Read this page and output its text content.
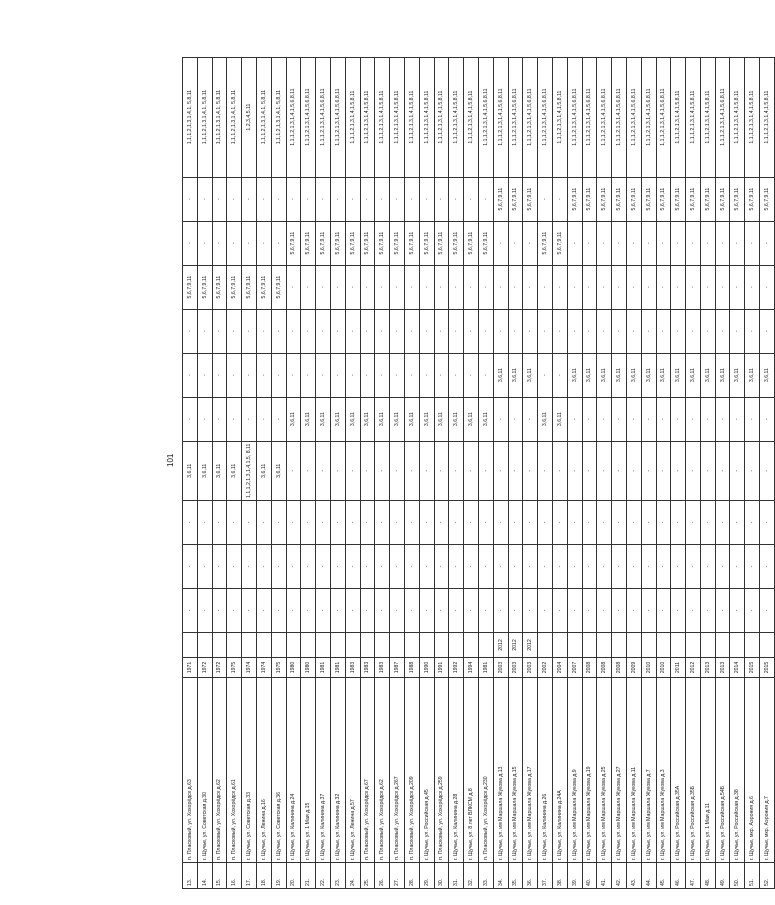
101
13.	п. Пласковый, ул. Хохорёдск д.63	1971		-	-	-	3,6,11	-	-	-	5,6,7,9,11	-	-	1,1,1,2,1,3,1,4,1, 5,8,11
14.	г. Щучье, ул. Советская д.30	1972		-	-	-	3,6,11	-	-	-	5,6,7,9,11	-	-	1,1,1,2,1,3,1,4,1, 5,8,11
15.	п. Пласковый, ул. Хохорёдск д.62	1972		-	-	-	3,6,11	-	-	-	5,6,7,9,11	-	-	1,1,1,2,1,3,1,4,1, 5,8,11
16.	п. Пласковый, ул. Хохорёдск д.61	1975		-	-	-	3,6,11	-	-	-	5,6,7,9,11	-	-	1,1,1,2,1,3,1,4,1, 5,8,11
17.	г. Щучье, ул. Советская д.33	1974		-	-	-	1,1,1,2,1,3,1,4,1,5, 8,11	-	-	-	5,6,7,9,11	-	-	1,2,3,4,5,11
18.	г. Щучье, ул. Ленина д.16	1974		-	-	-	3,6,11	-	-	-	5,6,7,9,11	-	-	1,1,1,2,1,3,1,4,1, 5,8,11
19.	г. Щучье, ул. Советская д.36	1975		-	-	-	3,6,11	-	-	-	5,6,7,9,11	-	-	1,1,1,2,1,3,1,4,1, 5,8,11
20.	г. Щучье, ул. Калинина д.24	1980		-	-	-	-	3,6,11	-	-	-	5,6,7,9,11	-	1,1,1,2,1,3,1,4,1,5,6,8,11
21.	г. Щучье, ул. 1 Мая д.15	1980		-	-	-	-	3,6,11	-	-	-	5,6,7,9,11	-	1,1,1,2,1,3,1,4,1,5,6,8,11
22.	г. Щучье, ул. Калинина д.37	1981		-	-	-	-	3,6,11	-	-	-	5,6,7,9,11	-	1,1,1,2,1,3,1,4,1,5,6,8,11
23.	г. Щучье, ул. Калинина д.32	1981		-	-	-	-	3,6,11	-	-	-	5,6,7,9,11	-	1,1,1,2,1,3,1,4,1,5,6,8,11
24.	г. Щучье, ул. Ленина д.57	1983		-	-	-	-	3,6,11	-	-	-	5,6,7,9,11	-	1,1,1,2,1,3,1,4,1,5,8,11
25.	п. Пласковый, ул. Хохорёдск д.67	1983		-	-	-	-	3,6,11	-	-	-	5,6,7,9,11	-	1,1,1,2,1,3,1,4,1,5,8,11
26.	п. Пласковый, ул. Хохорёдск д.62	1983		-	-	-	-	3,6,11	-	-	-	5,6,7,9,11	-	1,1,1,2,1,3,1,4,1,5,8,11
27.	п. Пласковый, ул. Хохорёдск д.267	1987		-	-	-	-	3,6,11	-	-	-	5,6,7,9,11	-	1,1,1,2,1,3,1,4,1,5,8,11
28.	п. Пласковый, ул. Хохорёдск д.209	1988		-	-	-	-	3,6,11	-	-	-	5,6,7,9,11	-	1,1,1,2,1,3,1,4,1,5,8,11
29.	г. Щучье, ул. Российская д.45	1990		-	-	-	-	3,6,11	-	-	-	5,6,7,9,11	-	1,1,1,2,1,3,1,4,1,5,8,11
30.	п. Пласковый, ул. Хохорёдск д.259	1991		-	-	-	-	3,6,11	-	-	-	5,6,7,9,11	-	1,1,1,2,1,3,1,4,1,5,8,11
31.	г. Щучье, ул. Калинина д.28	1992		-	-	-	-	3,6,11	-	-	-	5,6,7,9,11	-	1,1,1,2,1,3,1,4,1,5,8,11
32.	г. Щучье, ул. 8 лет ВЛКСМ д.8	1994		-	-	-	-	3,6,11	-	-	-	5,6,7,9,11	-	1,1,1,2,1,3,1,4,1,5,8,11
33.	п. Пласковый, ул. Хохорёдск д.230	1981		-	-	-	-	3,6,11	-	-	-	5,6,7,9,11	-	1,1,1,2,1,3,1,4,1,5,6,8,11
34.	г. Щучье, ул. им Маршала Жукова д.13	2003	2012	-	-	-	-	-	3,6,11	-	-	-	5,6,7,9,11	1,1,1,2,1,3,1,4,1,5,6,8,11
35.	г. Щучье, ул. им Маршала Жукова д.15	2003	2012	-	-	-	-	-	3,6,11	-	-	-	5,6,7,9,11	1,1,1,2,1,3,1,4,1,5,6,8,11
36.	г. Щучье, ул. им Маршала Жукова д.17	2003	2012	-	-	-	-	-	3,6,11	-	-	-	5,6,7,9,11	1,1,1,2,1,3,1,4,1,5,6,8,11
37.	г. Щучье, ул. Калинина д.26	2002		-	-	-	-	3,6,11	-	-	-	5,6,7,9,11	-	1,1,1,2,1,3,1,4,1,5,6,8,11
38.	г. Щучье, ул. Калинина д.24А	2004		-	-	-	-	3,6,11	-	-	-	5,6,7,9,11	-	1,1,1,2,1,3,1,4,1,5,8,11
39.	г. Щучье, ул. им Маршала Жукова д.9	2007		-	-	-	-	-	3,6,11	-	-	-	5,6,7,9,11	1,1,1,2,1,3,1,4,1,5,6,8,11
40.	г. Щучье, ул. им Маршала Жукова д.19	2008		-	-	-	-	-	3,6,11	-	-	-	5,6,7,9,11	1,1,1,2,1,3,1,4,1,5,6,8,11
41.	г. Щучье, ул. им Маршала Жукова д.25	2008		-	-	-	-	-	3,6,11	-	-	-	5,6,7,9,11	1,1,1,2,1,3,1,4,1,5,6,8,11
42.	г. Щучье, ул. им Маршала Жукова д.27	2008		-	-	-	-	-	3,6,11	-	-	-	5,6,7,9,11	1,1,1,2,1,3,1,4,1,5,6,8,11
43.	г. Щучье, ул. им Маршала Жукова д.11	2009		-	-	-	-	-	3,6,11	-	-	-	5,6,7,9,11	1,1,1,2,1,3,1,4,1,5,6,8,11
44.	г. Щучье, ул. им Маршала Жукова д.7	2010		-	-	-	-	-	3,6,11	-	-	-	5,6,7,9,11	1,1,1,2,1,3,1,4,1,5,6,8,11
45.	г. Щучье, ул. им Маршала Жукова д.3	2010		-	-	-	-	-	3,6,11	-	-	-	5,6,7,9,11	1,1,1,2,1,3,1,4,1,5,6,8,11
46.	г. Щучье, ул. Российская д.35А	2011		-	-	-	-	-	3,6,11	-	-	-	5,6,7,9,11	1,1,1,2,1,3,1,4,1,5,8,11
47.	г. Щучье, ул. Российская д.35Б	2012		-	-	-	-	-	3,6,11	-	-	-	5,6,7,9,11	1,1,1,2,1,3,1,4,1,5,8,11
48.	г. Щучье, ул. 1 Мая д.11	2013		-	-	-	-	-	3,6,11	-	-	-	5,6,7,9,11	1,1,1,2,1,3,1,4,1,5,8,11
49.	г. Щучье, ул. Российская д.54Б	2013		-	-	-	-	-	3,6,11	-	-	-	5,6,7,9,11	1,1,1,2,1,3,1,4,1,5,6,8,11
50.	г. Щучье, ул. Российская д.38	2014		-	-	-	-	-	3,6,11	-	-	-	5,6,7,9,11	1,1,1,2,1,3,1,4,1,5,8,11
51.	г. Щучье, мкр. Аэрония д.6	2015		-	-	-	-	-	3,6,11	-	-	-	5,6,7,9,11	1,1,1,2,1,3,1,4,1,5,8,11
52.	г. Щучье, мкр. Аэрония д.7	2015		-	-	-	-	-	3,6,11	-	-	-	5,6,7,9,11	1,1,1,2,1,3,1,4,1,5,8,11
